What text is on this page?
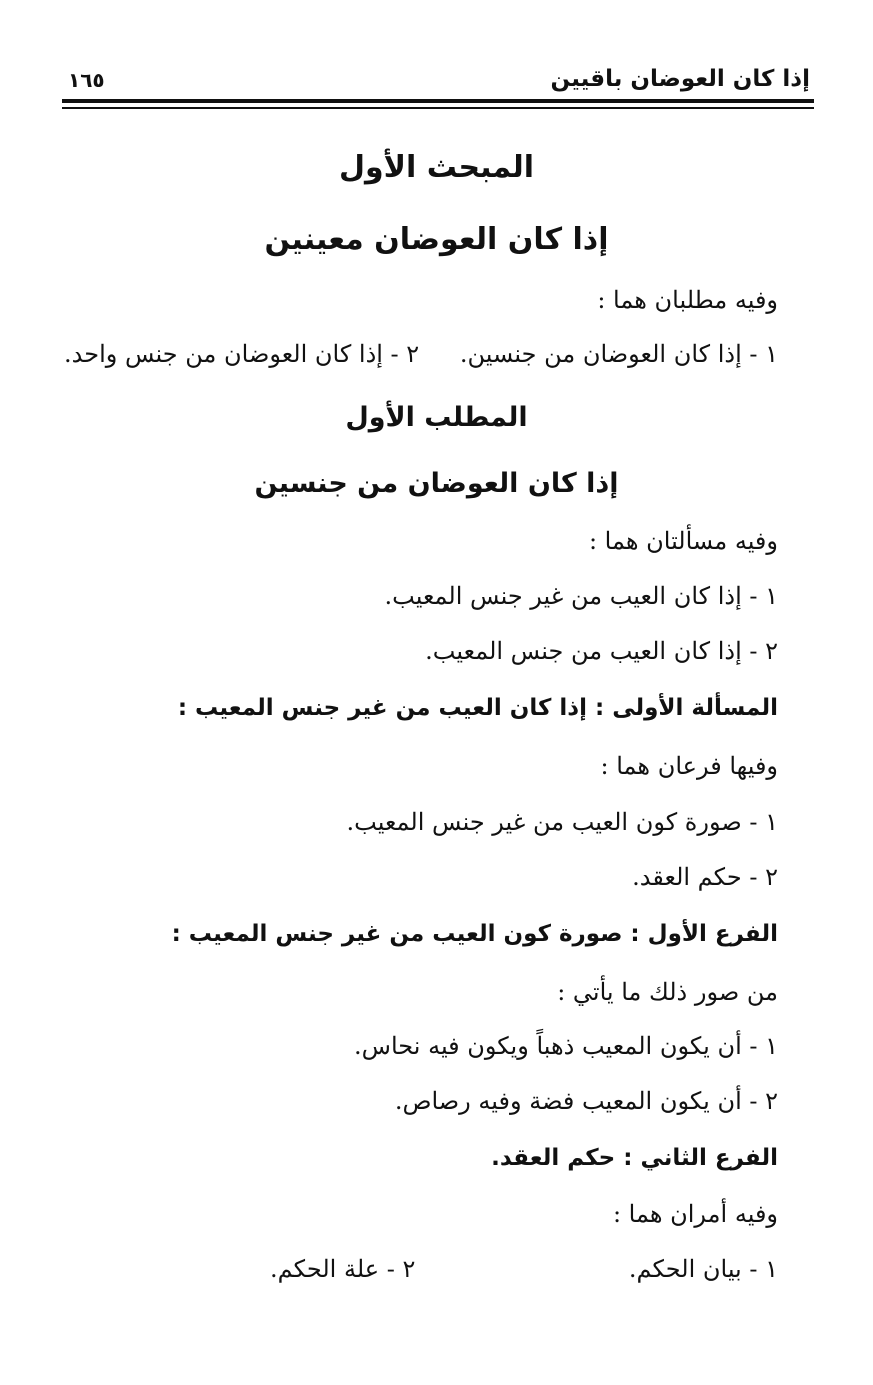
إذا كان العوضان باقيين
١٦٥
المبحث الأول
إذا كان العوضان معينين
وفيه مطلبان هما :
١ - إذا كان العوضان من جنسين.
٢ - إذا كان العوضان من جنس واحد.
المطلب الأول
إذا كان العوضان من جنسين
وفيه مسألتان هما :
١ - إذا كان العيب من غير جنس المعيب.
٢ - إذا كان العيب من جنس المعيب.
المسألة الأولى : إذا كان العيب من غير جنس المعيب :
وفيها فرعان هما :
١ - صورة كون العيب من غير جنس المعيب.
٢ - حكم العقد.
الفرع الأول : صورة كون العيب من غير جنس المعيب :
من صور ذلك ما يأتي :
١ - أن يكون المعيب ذهباً ويكون فيه نحاس.
٢ - أن يكون المعيب فضة وفيه رصاص.
الفرع الثاني : حكم العقد.
وفيه أمران هما :
١ - بيان الحكم.
٢ - علة الحكم.
